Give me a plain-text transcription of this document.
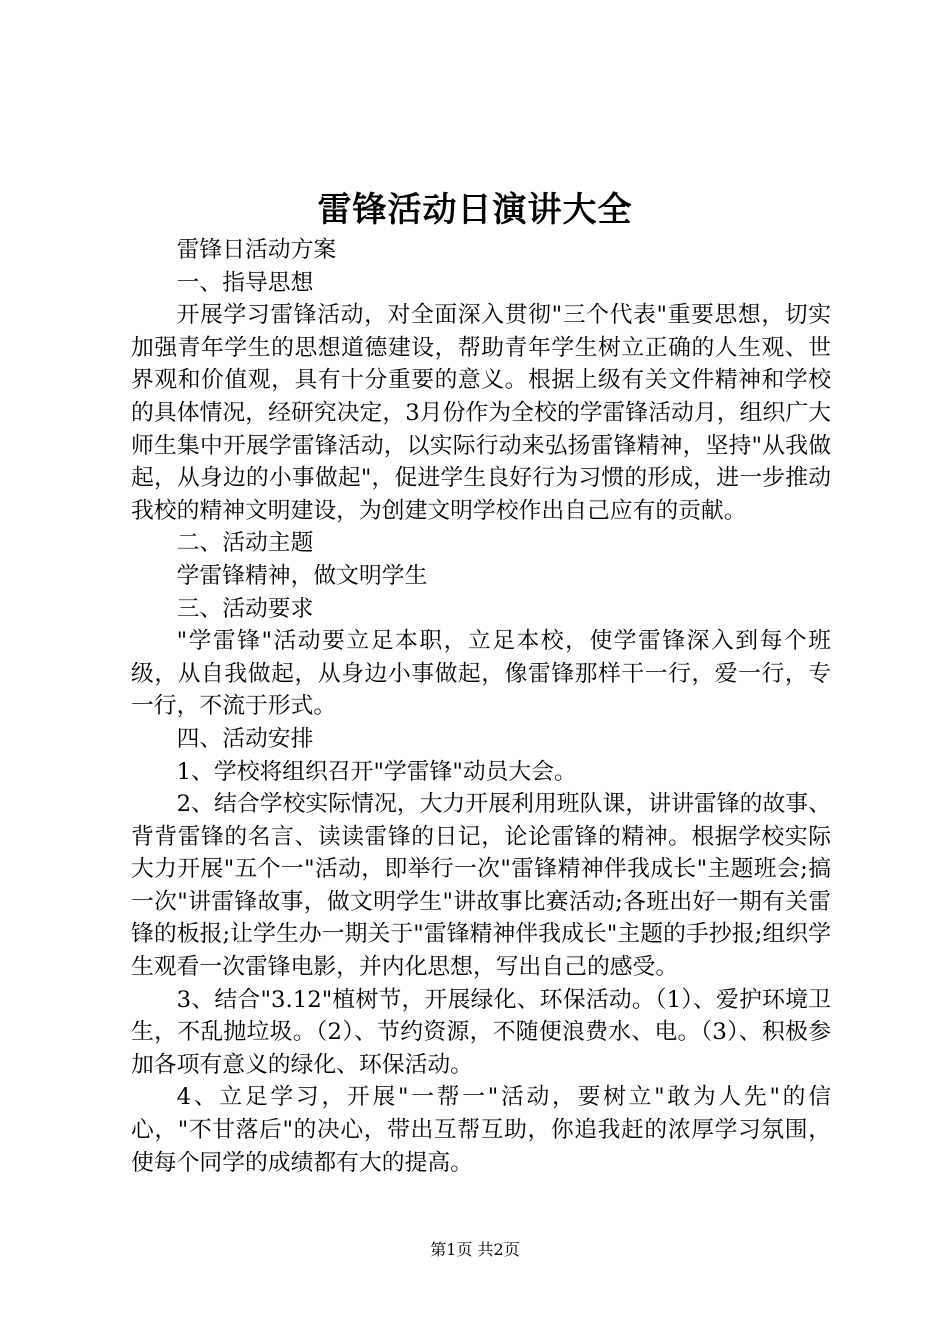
雷锋活动日演讲大全

雷锋日活动方案

一、指导思想

开展学习雷锋活动，对全面深入贯彻"三个代表"重要思想，切实加强青年学生的思想道德建设，帮助青年学生树立正确的人生观、世界观和价值观，具有十分重要的意义。根据上级有关文件精神和学校的具体情况，经研究决定，3月份作为全校的学雷锋活动月，组织广大师生集中开展学雷锋活动，以实际行动来弘扬雷锋精神，坚持"从我做起，从身边的小事做起"，促进学生良好行为习惯的形成，进一步推动我校的精神文明建设，为创建文明学校作出自己应有的贡献。

二、活动主题

学雷锋精神，做文明学生

三、活动要求

"学雷锋"活动要立足本职，立足本校，使学雷锋深入到每个班级，从自我做起，从身边小事做起，像雷锋那样干一行，爱一行，专一行，不流于形式。

四、活动安排

1、学校将组织召开"学雷锋"动员大会。

2、结合学校实际情况，大力开展利用班队课，讲讲雷锋的故事、背背雷锋的名言、读读雷锋的日记，论论雷锋的精神。根据学校实际大力开展"五个一"活动，即举行一次"雷锋精神伴我成长"主题班会;搞一次"讲雷锋故事，做文明学生"讲故事比赛活动;各班出好一期有关雷锋的板报;让学生办一期关于"雷锋精神伴我成长"主题的手抄报;组织学生观看一次雷锋电影，并内化思想，写出自己的感受。

3、结合"3.12"植树节，开展绿化、环保活动。（1）、爱护环境卫生，不乱抛垃圾。（2）、节约资源，不随便浪费水、电。（3）、积极参加各项有意义的绿化、环保活动。

4、立足学习，开展"一帮一"活动，要树立"敢为人先"的信心，"不甘落后"的决心，带出互帮互助，你追我赶的浓厚学习氛围，使每个同学的成绩都有大的提高。

第1页 共2页
